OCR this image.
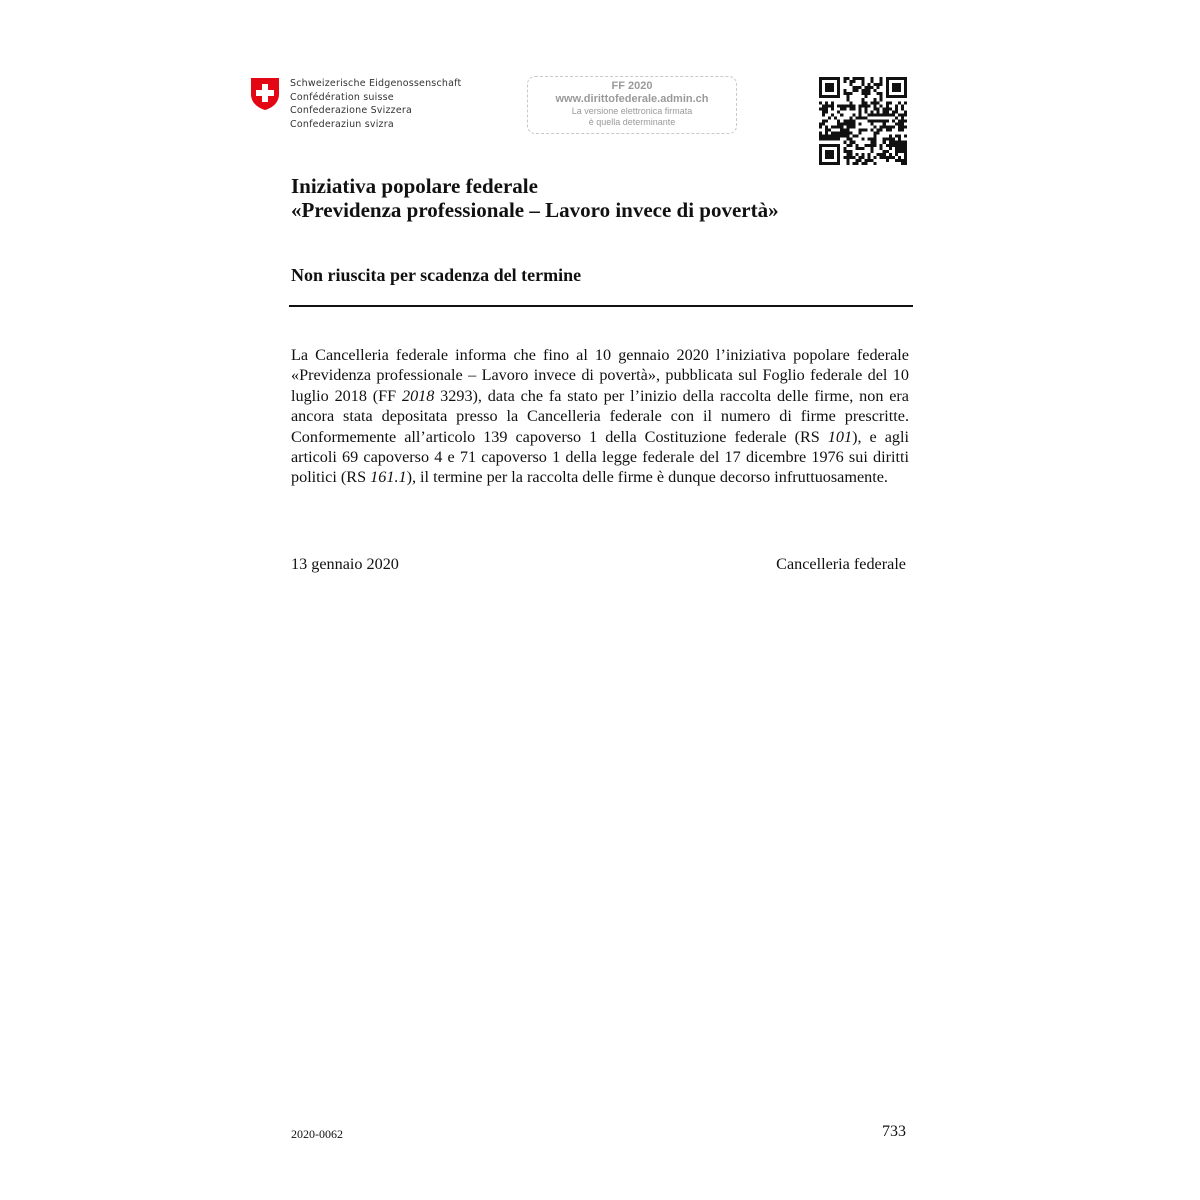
Schweizerische Eidgenossenschaft
Confédération suisse
Confederazione Svizzera
Confederaziun svizra
FF 2020
www.dirittofederale.admin.ch
La versione elettronica firmata
è quella determinante
Iniziativa popolare federale
«Previdenza professionale – Lavoro invece di povertà»
Non riuscita per scadenza del termine
La Cancelleria federale informa che fino al 10 gennaio 2020 l’iniziativa popolare federale «Previdenza professionale – Lavoro invece di povertà», pubblicata sul Foglio federale del 10 luglio 2018 (FF 2018 3293), data che fa stato per l’inizio della raccolta delle firme, non era ancora stata depositata presso la Cancelleria federale con il numero di firme prescritte. Conformemente all’articolo 139 capoverso 1 della Costituzione federale (RS 101), e agli articoli 69 capoverso 4 e 71 capoverso 1 della legge federale del 17 dicembre 1976 sui diritti politici (RS 161.1), il termine per la raccolta delle firme è dunque decorso infruttuosamente.
13 gennaio 2020	Cancelleria federale
2020-0062	733
